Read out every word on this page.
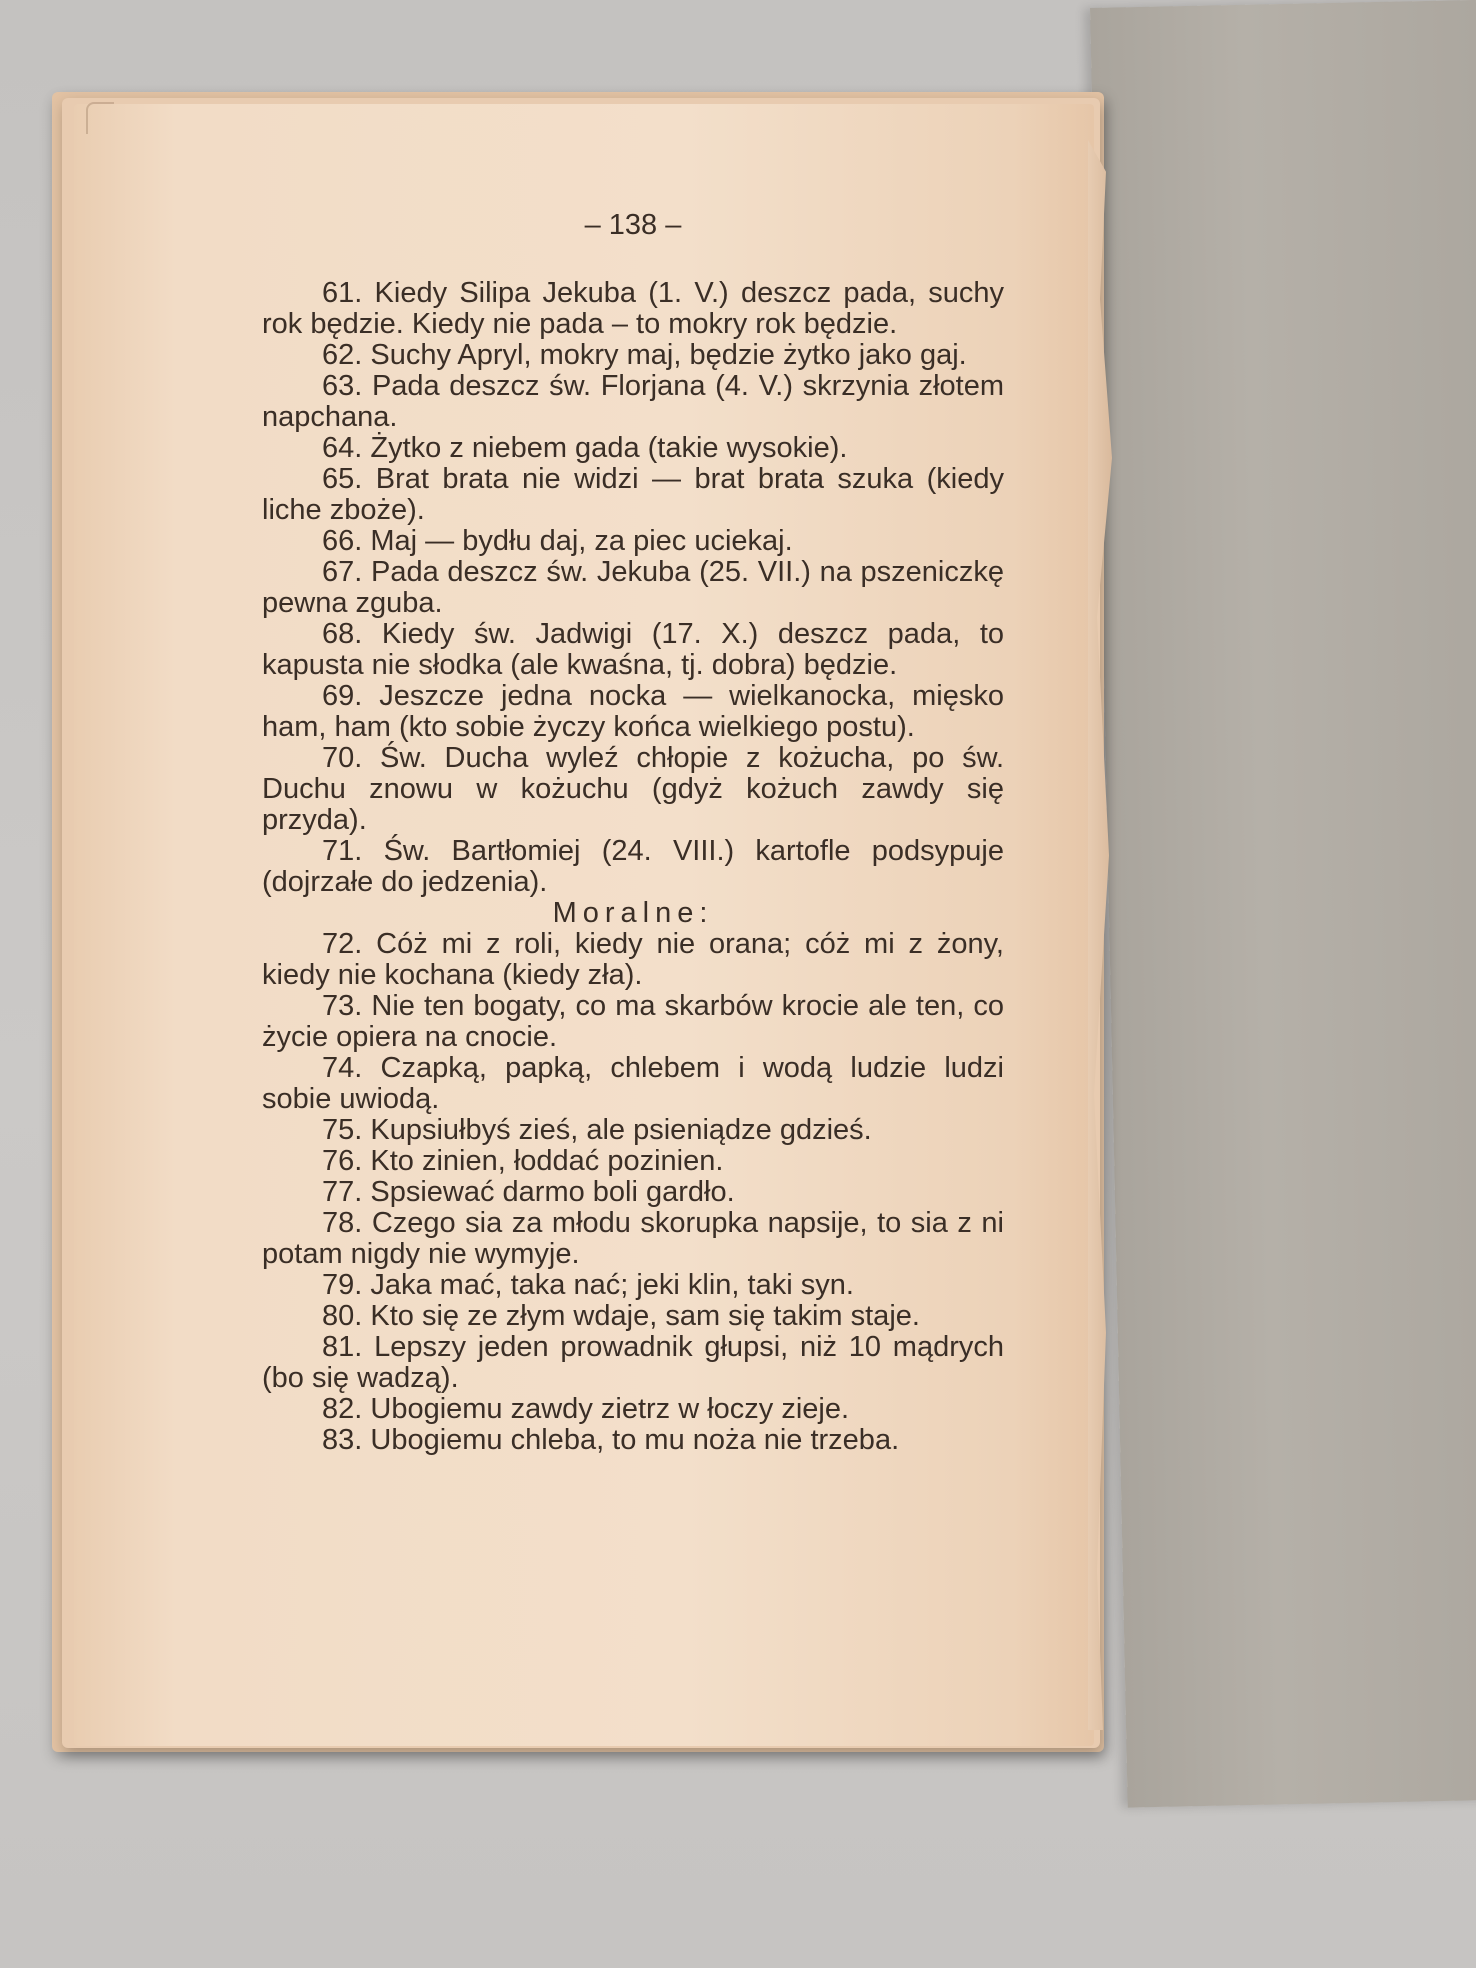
– 138 –

61. Kiedy Silipa Jekuba (1. V.) deszcz pada, suchy rok będzie. Kiedy nie pada – to mokry rok będzie.

62. Suchy Apryl, mokry maj, będzie żytko jako gaj.

63. Pada deszcz św. Florjana (4. V.) skrzynia złotem napchana.

64. Żytko z niebem gada (takie wysokie).

65. Brat brata nie widzi — brat brata szuka (kiedy liche zboże).

66. Maj — bydłu daj, za piec uciekaj.

67. Pada deszcz św. Jekuba (25. VII.) na pszeniczkę pewna zguba.

68. Kiedy św. Jadwigi (17. X.) deszcz pada, to kapusta nie słodka (ale kwaśna, tj. dobra) będzie.

69. Jeszcze jedna nocka — wielkanocka, mięsko ham, ham (kto sobie życzy końca wielkiego postu).

70. Św. Ducha wyleź chłopie z kożucha, po św. Duchu znowu w kożuchu (gdyż kożuch zawdy się przyda).

71. Św. Bartłomiej (24. VIII.) kartofle podsypuje (dojrzałe do jedzenia).

Moralne:

72. Cóż mi z roli, kiedy nie orana; cóż mi z żony, kiedy nie kochana (kiedy zła).

73. Nie ten bogaty, co ma skarbów krocie ale ten, co życie opiera na cnocie.

74. Czapką, papką, chlebem i wodą ludzie ludzi sobie uwiodą.

75. Kupsiułbyś zieś, ale psieniądze gdzieś.

76. Kto zinien, łoddać pozinien.

77. Spsiewać darmo boli gardło.

78. Czego sia za młodu skorupka napsije, to sia z ni potam nigdy nie wymyje.

79. Jaka mać, taka nać; jeki klin, taki syn.

80. Kto się ze złym wdaje, sam się takim staje.

81. Lepszy jeden prowadnik głupsi, niż 10 mądrych (bo się wadzą).

82. Ubogiemu zawdy zietrz w łoczy zieje.

83. Ubogiemu chleba, to mu noża nie trzeba.
